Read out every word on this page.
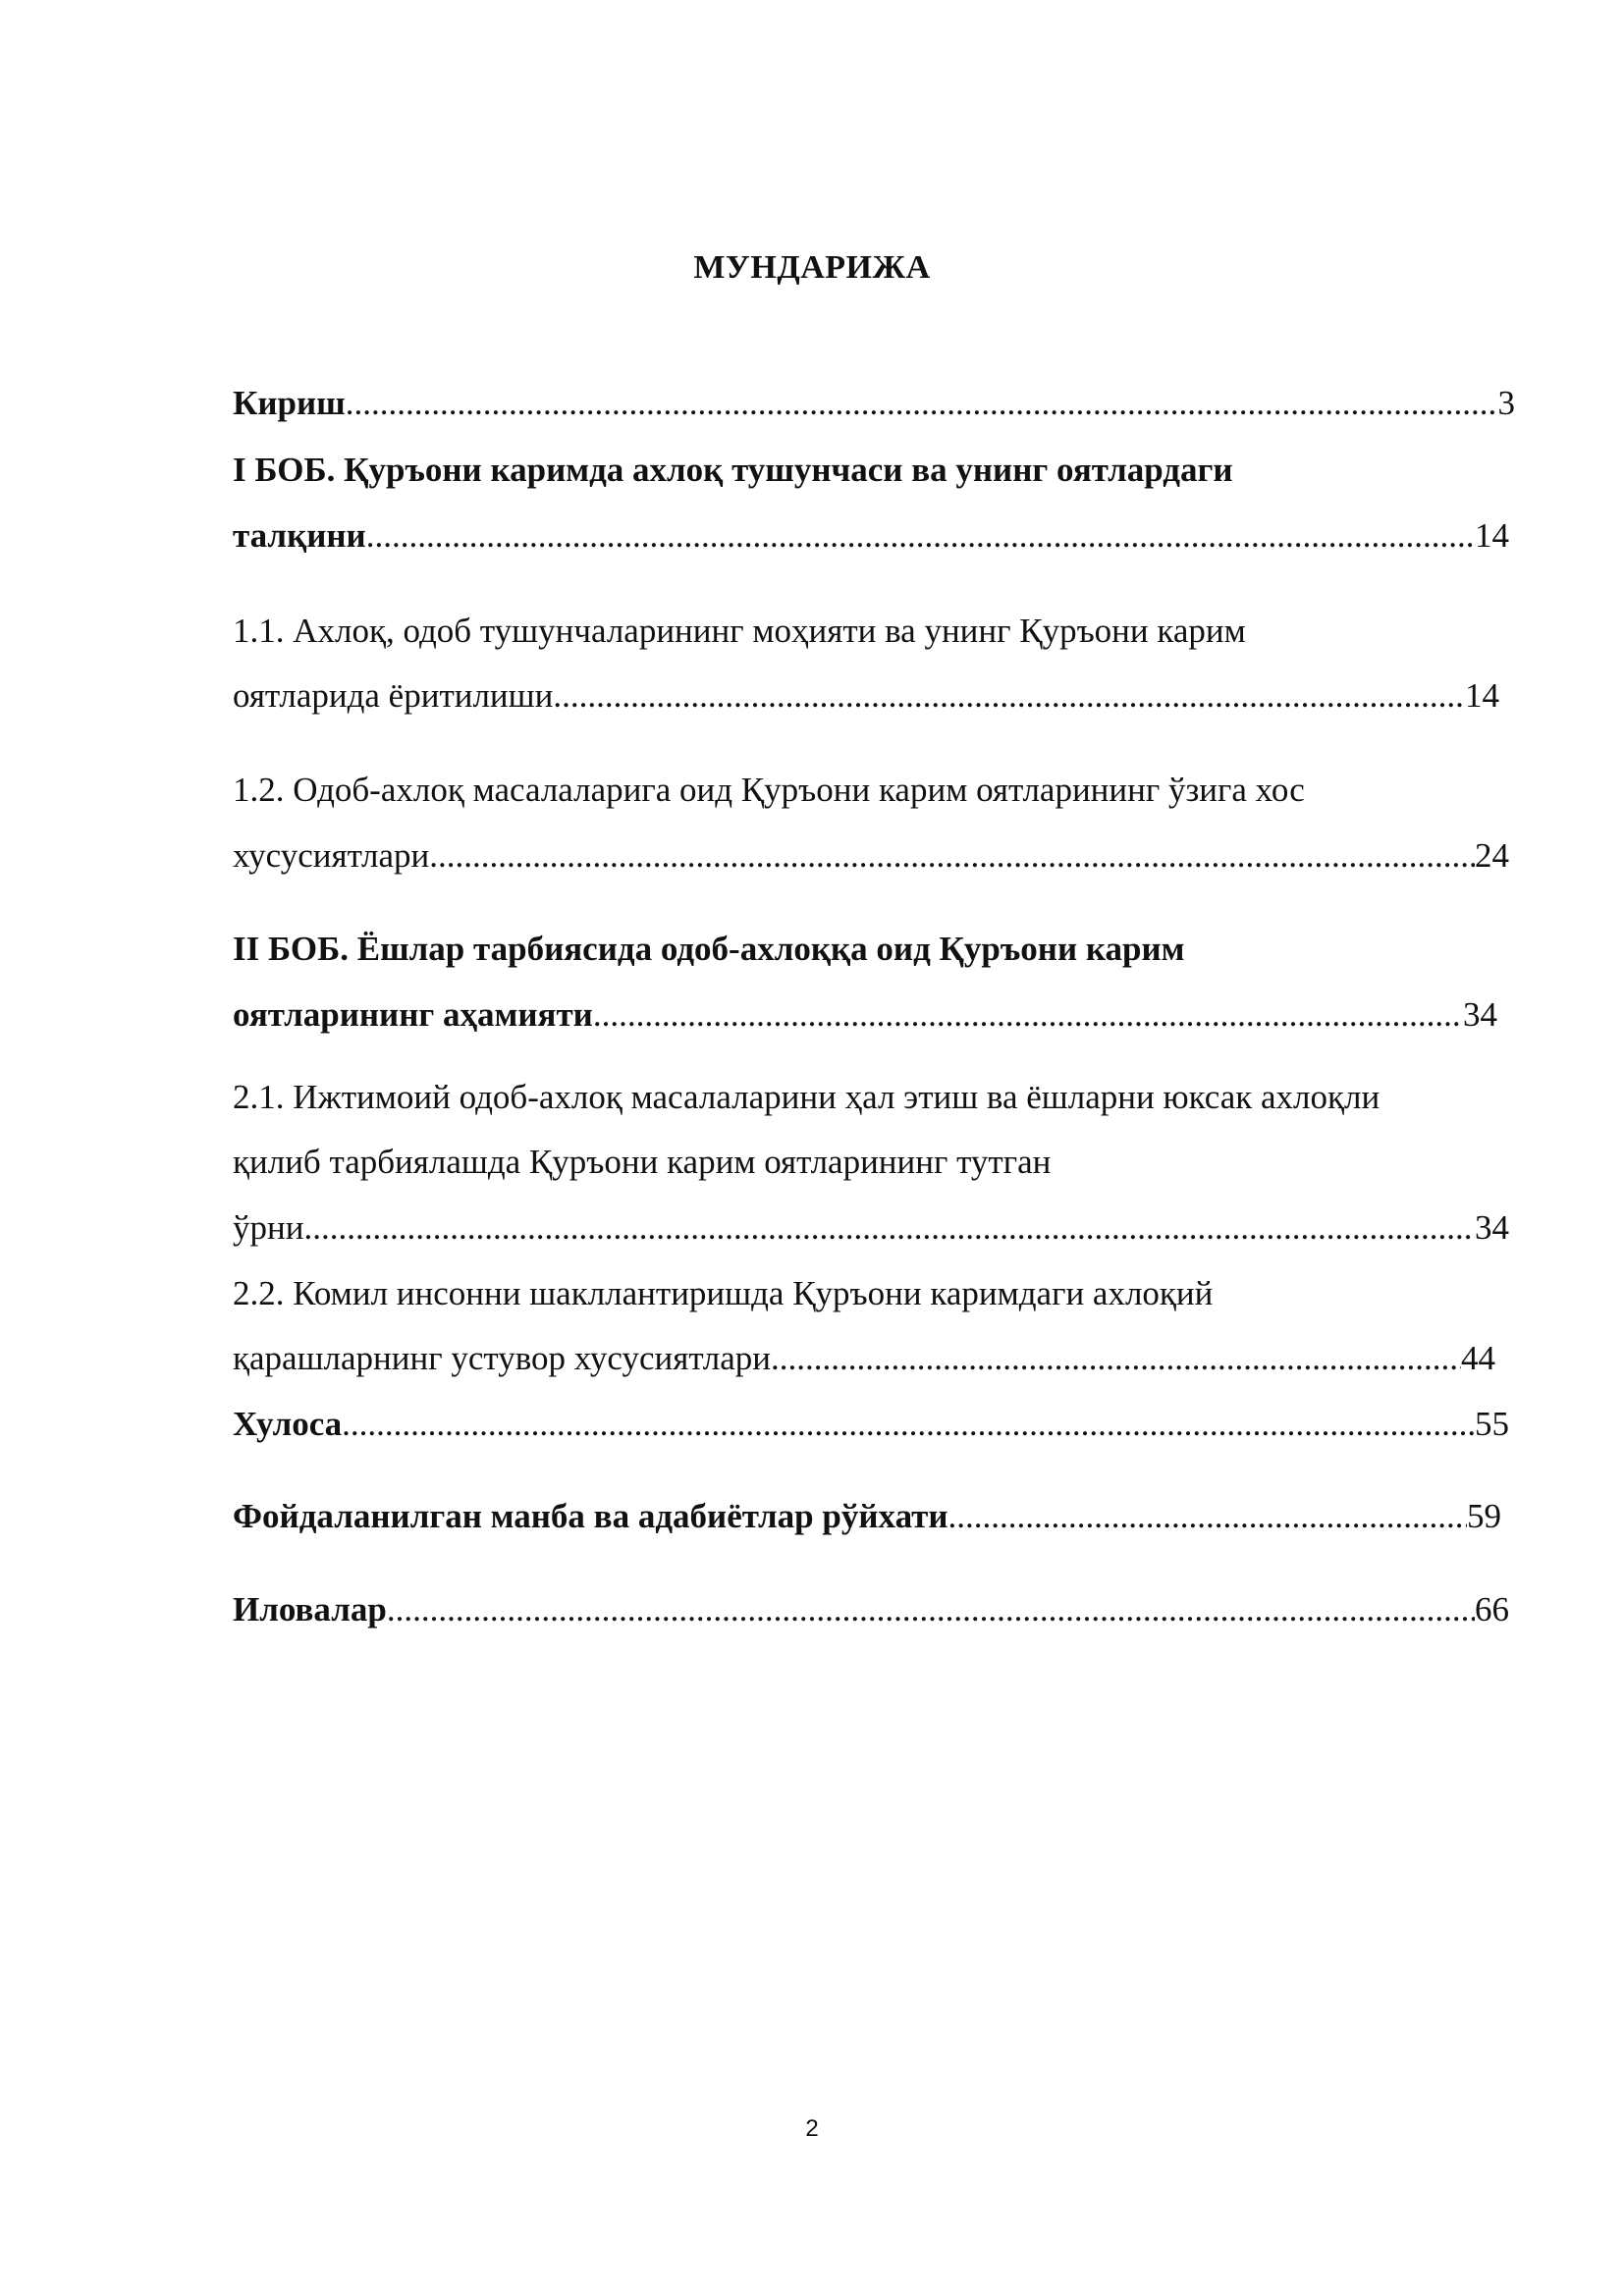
МУНДАРИЖА
Кириш .....	3
I БОБ. Қуръони каримда ахлоқ тушунчаси ва унинг оятлардаги
талқини .....	14
1.1. Ахлоқ, одоб тушунчаларининг моҳияти ва унинг Қуръони карим
оятларида ёритилиши .....	14
1.2. Одоб-ахлоқ масалаларига оид Қуръони карим оятларининг ўзига хос
хусусиятлари .....	24
II БОБ. Ёшлар тарбиясида одоб-ахлоққа оид Қуръони карим
оятларининг аҳамияти .....	34
2.1. Ижтимоий одоб-ахлоқ масалаларини ҳал этиш ва ёшларни юксак ахлоқли
қилиб тарбиялашда Қуръони карим оятларининг тутган
ўрни .....	34
2.2. Комил инсонни шакллантиришда Қуръони каримдаги ахлоқий
қарашларнинг устувор хусусиятлари .....	44
Хулоса .....	55
Фойдаланилган манба ва адабиётлар рўйхати .....	59
Иловалар .....	66
2
